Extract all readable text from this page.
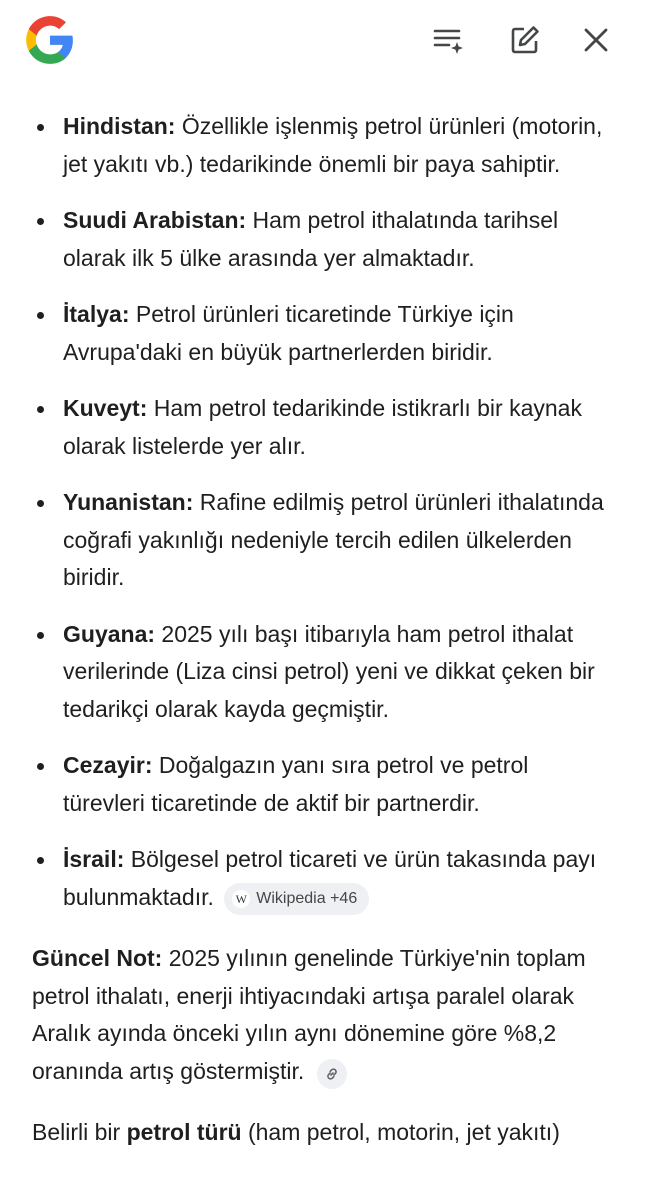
Hindistan: Özellikle işlenmiş petrol ürünleri (motorin, jet yakıtı vb.) tedarikinde önemli bir paya sahiptir.
Suudi Arabistan: Ham petrol ithalatında tarihsel olarak ilk 5 ülke arasında yer almaktadır.
İtalya: Petrol ürünleri ticaretinde Türkiye için Avrupa'daki en büyük partnerlerden biridir.
Kuveyt: Ham petrol tedarikinde istikrarlı bir kaynak olarak listelerde yer alır.
Yunanistan: Rafine edilmiş petrol ürünleri ithalatında coğrafi yakınlığı nedeniyle tercih edilen ülkelerden biridir.
Guyana: 2025 yılı başı itibarıyla ham petrol ithalat verilerinde (Liza cinsi petrol) yeni ve dikkat çeken bir tedarikçi olarak kayda geçmiştir.
Cezayir: Doğalgazın yanı sıra petrol ve petrol türevleri ticaretinde de aktif bir partnerdir.
İsrail: Bölgesel petrol ticareti ve ürün takasında payı bulunmaktadır. W Wikipedia +46

Güncel Not: 2025 yılının genelinde Türkiye'nin toplam petrol ithalatı, enerji ihtiyacındaki artışa paralel olarak Aralık ayında önceki yılın aynı dönemine göre %8,2 oranında artış göstermiştir.

Belirli bir petrol türü (ham petrol, motorin, jet yakıtı)
